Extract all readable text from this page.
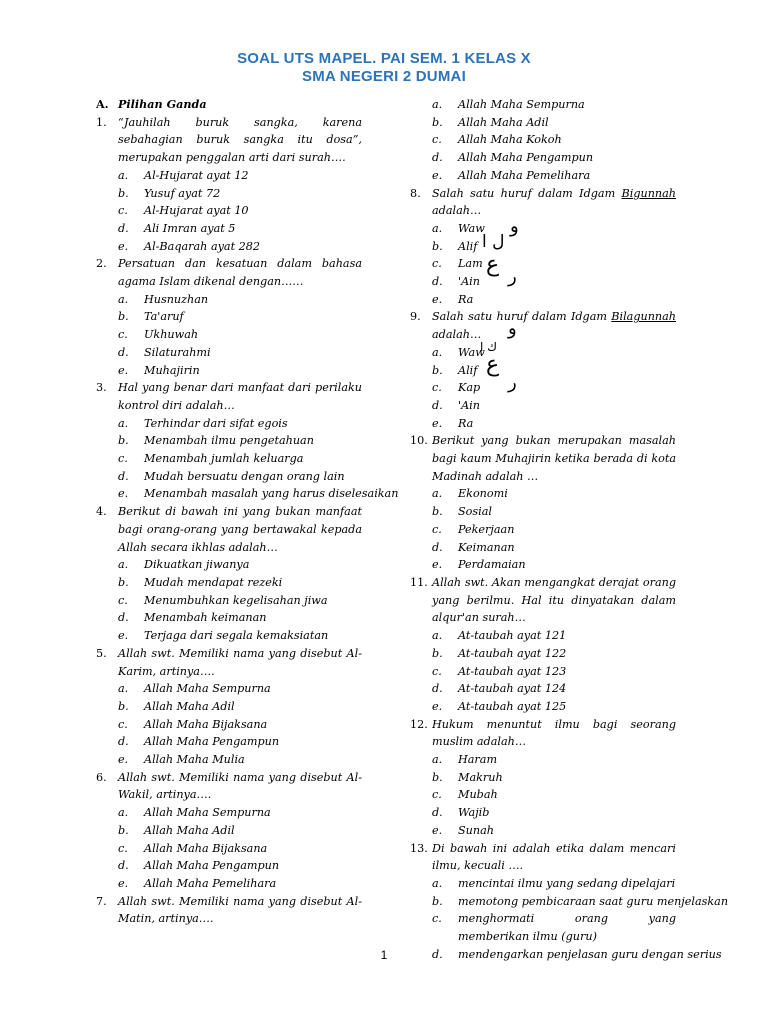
SOAL UTS MAPEL. PAI SEM. 1 KELAS X
SMA NEGERI 2 DUMAI
A. Pilihan Ganda
1. “Jauhilah buruk sangka, karena sebahagian buruk sangka itu dosa”, merupakan penggalan arti dari surah….
a. Al-Hujarat ayat 12
b. Yusuf ayat 72
c. Al-Hujarat ayat 10
d. Ali Imran ayat 5
e. Al-Baqarah ayat 282
2. Persatuan dan kesatuan dalam bahasa agama Islam dikenal dengan……
a. Husnuzhan
b. Ta'aruf
c. Ukhuwah
d. Silaturahmi
e. Muhajirin
3. Hal yang benar dari manfaat dari perilaku kontrol diri adalah…
a. Terhindar dari sifat egois
b. Menambah ilmu pengetahuan
c. Menambah jumlah keluarga
d. Mudah bersuatu dengan orang lain
e. Menambah masalah yang harus diselesaikan
4. Berikut di bawah ini yang bukan manfaat bagi orang-orang yang bertawakal kepada Allah secara ikhlas adalah…
a. Dikuatkan jiwanya
b. Mudah mendapat rezeki
c. Menumbuhkan kegelisahan jiwa
d. Menambah keimanan
e. Terjaga dari segala kemaksiatan
5. Allah swt. Memiliki nama yang disebut Al-Karim, artinya….
a. Allah Maha Sempurna
b. Allah Maha Adil
c. Allah Maha Bijaksana
d. Allah Maha Pengampun
e. Allah Maha Mulia
6. Allah swt. Memiliki nama yang disebut Al-Wakil, artinya….
a. Allah Maha Sempurna
b. Allah Maha Adil
c. Allah Maha Bijaksana
d. Allah Maha Pengampun
e. Allah Maha Pemelihara
7. Allah swt. Memiliki nama yang disebut Al-Matin, artinya….
a. Allah Maha Sempurna
b. Allah Maha Adil
c. Allah Maha Kokoh
d. Allah Maha Pengampun
e. Allah Maha Pemelihara
8. Salah satu huruf dalam Idgam Bigunnah adalah…
a. Waw
b. Alif
c. Lam
d. 'Ain
e. Ra
9. Salah satu huruf dalam Idgam Bilagunnah adalah…
a. Waw
b. Alif
c. Kap
d. 'Ain
e. Ra
10. Berikut yang bukan merupakan masalah bagi kaum Muhajirin ketika berada di kota Madinah adalah …
a. Ekonomi
b. Sosial
c. Pekerjaan
d. Keimanan
e. Perdamaian
11. Allah swt. Akan mengangkat derajat orang yang berilmu. Hal itu dinyatakan dalam alqur'an surah…
a. At-taubah ayat 121
b. At-taubah ayat 122
c. At-taubah ayat 123
d. At-taubah ayat 124
e. At-taubah ayat 125
12. Hukum menuntut ilmu bagi seorang muslim adalah…
a. Haram
b. Makruh
c. Mubah
d. Wajib
e. Sunah
13. Di bawah ini adalah etika dalam mencari ilmu, kecuali ….
a. mencintai ilmu yang sedang dipelajari
b. memotong pembicaraan saat guru menjelaskan
c. menghormati orang yang memberikan ilmu (guru)
d. mendengarkan penjelasan guru dengan serius
و
ل ا
ع ر
و
ك ا
ع
ر
1
